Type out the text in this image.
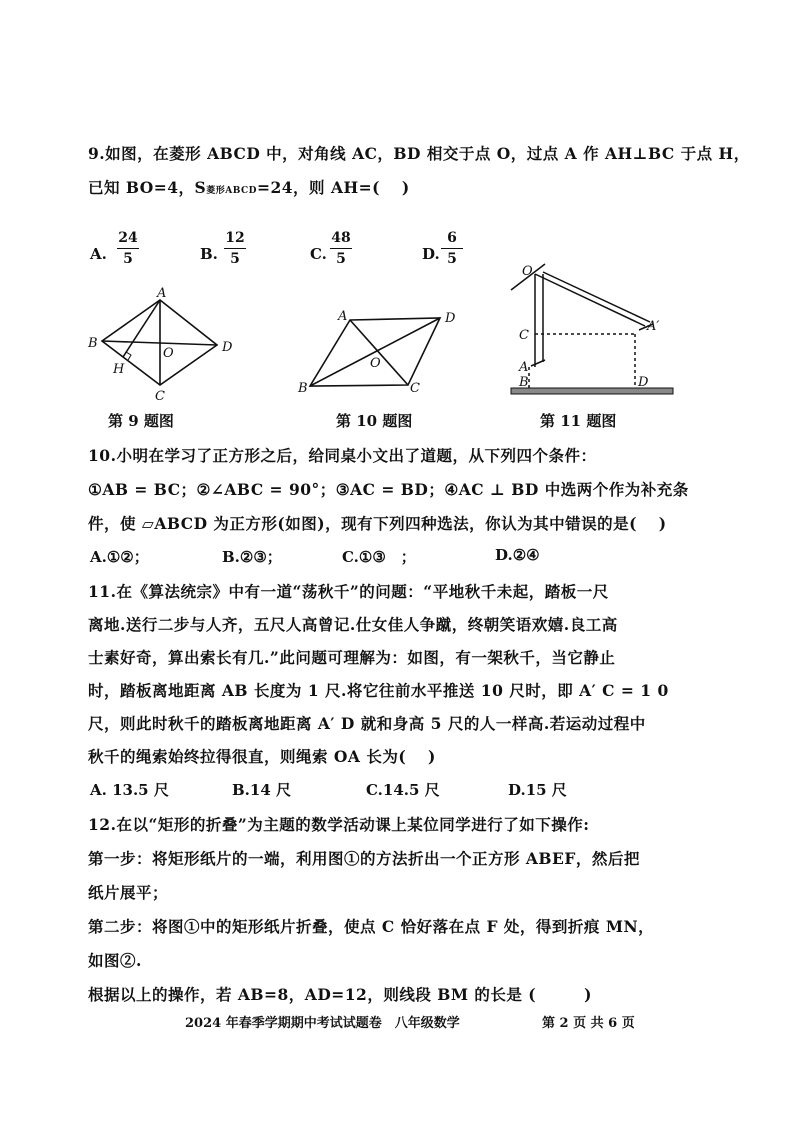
9.如图，在菱形 ABCD 中，对角线 AC，BD 相交于点 O，过点 A 作 AH⊥BC 于点 H，
已知 BO=4，S菱形ABCD=24，则 AH=(　 )
A.
24
5	B.
12
5	C.
48
5	D.
6
5
A
B
C
D
O
H
第 9 题图
A
B	C
D
O
第 10 题图
O
C
A
B	D
A′
第 11 题图
10.小明在学习了正方形之后，给同桌小文出了道题，从下列四个条件：
①AB = BC；②∠ABC = 90°；③AC = BD；④AC ⊥ BD 中选两个作为补充条
件，使 ▱ABCD 为正方形(如图)，现有下列四种选法，你认为其中错误的是(　 )
A.①②；	B.②③；	C.①③　；	D.②④
11.在《算法统宗》中有一道“荡秋千”的问题：“平地秋千未起，踏板一尺
离地.送行二步与人齐，五尺人高曾记.仕女佳人争蹴，终朝笑语欢嬉.良工高
士素好奇，算出索长有几.”此问题可理解为：如图，有一架秋千，当它静止
时，踏板离地距离 AB 长度为 1 尺.将它往前水平推送 10 尺时，即 A′ C = 1 0
尺，则此时秋千的踏板离地距离 A′ D 就和身高 5 尺的人一样高.若运动过程中
秋千的绳索始终拉得很直，则绳索 OA 长为(　 )
A. 13.5 尺	B.14 尺	C.14.5 尺	D.15 尺
12.在以“矩形的折叠”为主题的数学活动课上某位同学进行了如下操作:
第一步：将矩形纸片的一端，利用图①的方法折出一个正方形 ABEF，然后把
纸片展平；
第二步：将图①中的矩形纸片折叠，使点 C 恰好落在点 F 处，得到折痕 MN，
如图②.
根据以上的操作，若 AB=8，AD=12，则线段 BM 的长是 (　　　)
2024 年春季学期期中考试试题卷　八年级数学	第 2 页 共 6 页
